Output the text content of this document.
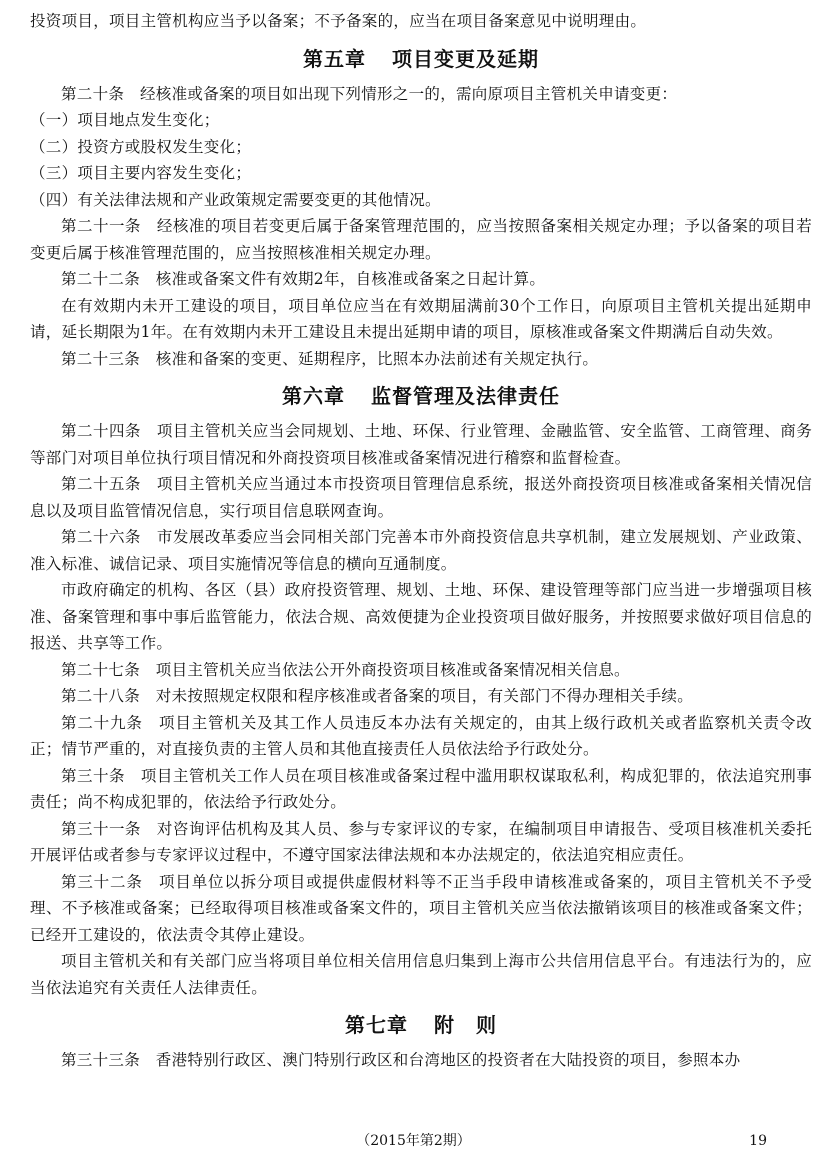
投资项目，项目主管机构应当予以备案；不予备案的，应当在项目备案意见中说明理由。

第五章 项目变更及延期

第二十条　经核准或备案的项目如出现下列情形之一的，需向原项目主管机关申请变更：

（一）项目地点发生变化；

（二）投资方或股权发生变化；

（三）项目主要内容发生变化；

（四）有关法律法规和产业政策规定需要变更的其他情况。

第二十一条　经核准的项目若变更后属于备案管理范围的，应当按照备案相关规定办理；予以备案的项目若变更后属于核准管理范围的，应当按照核准相关规定办理。

第二十二条　核准或备案文件有效期2年，自核准或备案之日起计算。

在有效期内未开工建设的项目，项目单位应当在有效期届满前30个工作日，向原项目主管机关提出延期申请，延长期限为1年。在有效期内未开工建设且未提出延期申请的项目，原核准或备案文件期满后自动失效。

第二十三条　核准和备案的变更、延期程序，比照本办法前述有关规定执行。

第六章 监督管理及法律责任

第二十四条　项目主管机关应当会同规划、土地、环保、行业管理、金融监管、安全监管、工商管理、商务等部门对项目单位执行项目情况和外商投资项目核准或备案情况进行稽察和监督检查。

第二十五条　项目主管机关应当通过本市投资项目管理信息系统，报送外商投资项目核准或备案相关情况信息以及项目监管情况信息，实行项目信息联网查询。

第二十六条　市发展改革委应当会同相关部门完善本市外商投资信息共享机制，建立发展规划、产业政策、准入标准、诚信记录、项目实施情况等信息的横向互通制度。

市政府确定的机构、各区（县）政府投资管理、规划、土地、环保、建设管理等部门应当进一步增强项目核准、备案管理和事中事后监管能力，依法合规、高效便捷为企业投资项目做好服务，并按照要求做好项目信息的报送、共享等工作。

第二十七条　项目主管机关应当依法公开外商投资项目核准或备案情况相关信息。

第二十八条　对未按照规定权限和程序核准或者备案的项目，有关部门不得办理相关手续。

第二十九条　项目主管机关及其工作人员违反本办法有关规定的，由其上级行政机关或者监察机关责令改正；情节严重的，对直接负责的主管人员和其他直接责任人员依法给予行政处分。

第三十条　项目主管机关工作人员在项目核准或备案过程中滥用职权谋取私利，构成犯罪的，依法追究刑事责任；尚不构成犯罪的，依法给予行政处分。

第三十一条　对咨询评估机构及其人员、参与专家评议的专家，在编制项目申请报告、受项目核准机关委托开展评估或者参与专家评议过程中，不遵守国家法律法规和本办法规定的，依法追究相应责任。

第三十二条　项目单位以拆分项目或提供虚假材料等不正当手段申请核准或备案的，项目主管机关不予受理、不予核准或备案；已经取得项目核准或备案文件的，项目主管机关应当依法撤销该项目的核准或备案文件；已经开工建设的，依法责令其停止建设。

项目主管机关和有关部门应当将项目单位相关信用信息归集到上海市公共信用信息平台。有违法行为的，应当依法追究有关责任人法律责任。

第七章 附　则

第三十三条　香港特别行政区、澳门特别行政区和台湾地区的投资者在大陆投资的项目，参照本办

（2015年第2期）	19
